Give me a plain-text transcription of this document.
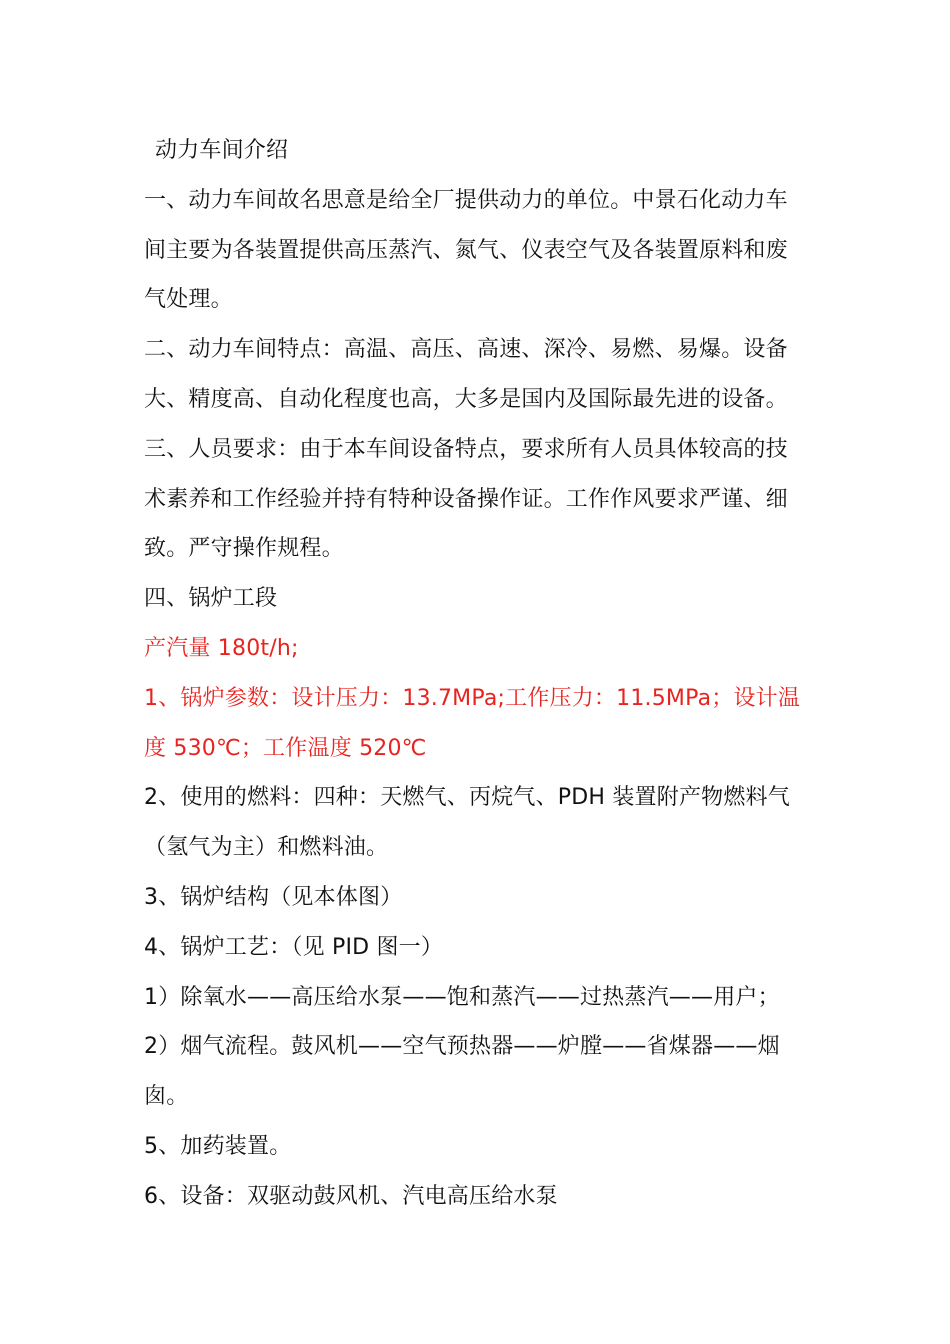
动力车间介绍
一、动力车间故名思意是给全厂提供动力的单位。中景石化动力车
间主要为各装置提供高压蒸汽、氮气、仪表空气及各装置原料和废
气处理。
二、动力车间特点：高温、高压、高速、深冷、易燃、易爆。设备
大、精度高、自动化程度也高，大多是国内及国际最先进的设备。
三、人员要求：由于本车间设备特点，要求所有人员具体较高的技
术素养和工作经验并持有特种设备操作证。工作作风要求严谨、细
致。严守操作规程。
四、锅炉工段
产汽量 180t/h;
1、锅炉参数：设计压力：13.7MPa;工作压力：11.5MPa；设计温
度 530℃；工作温度 520℃
2、使用的燃料：四种：天燃气、丙烷气、PDH 装置附产物燃料气
（氢气为主）和燃料油。
3、锅炉结构（见本体图）
4、锅炉工艺：（见 PID 图一）
1）除氧水——高压给水泵——饱和蒸汽——过热蒸汽——用户；
2）烟气流程。鼓风机——空气预热器——炉膛——省煤器——烟
囱。
5、加药装置。
6、设备：双驱动鼓风机、汽电高压给水泵
